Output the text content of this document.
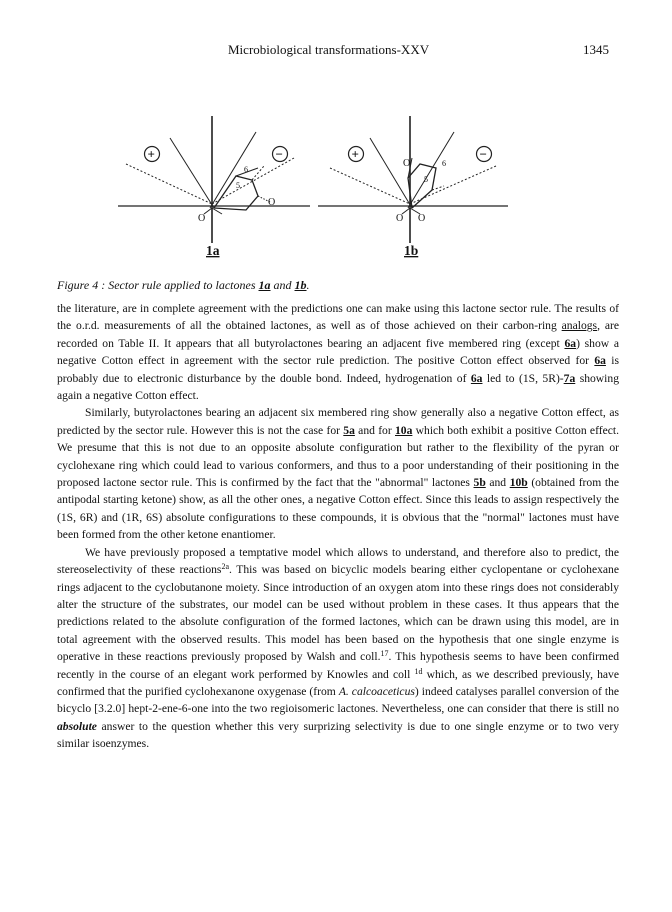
Microbiological transformations-XXV	1345
+	−
6
5
O
O
1a
+	−
6
5
O
O O
1b
Figure 4 : Sector rule applied to lactones 1a and 1b.

the literature, are in complete agreement with the predictions one can make using this lactone sector rule. The results of the o.r.d. measurements of all the obtained lactones, as well as of those achieved on their carbon-ring analogs, are recorded on Table II. It appears that all butyrolactones bearing an adjacent five membered ring (except 6a) show a negative Cotton effect in agreement with the sector rule prediction. The positive Cotton effect observed for 6a is probably due to electronic disturbance by the double bond. Indeed, hydrogenation of 6a led to (1S, 5R)-7a showing again a negative Cotton effect.

Similarly, butyrolactones bearing an adjacent six membered ring show generally also a negative Cotton effect, as predicted by the sector rule. However this is not the case for 5a and for 10a which both exhibit a positive Cotton effect. We presume that this is not due to an opposite absolute configuration but rather to the flexibility of the pyran or cyclohexane ring which could lead to various conformers, and thus to a poor understanding of their positioning in the proposed lactone sector rule. This is confirmed by the fact that the "abnormal" lactones 5b and 10b (obtained from the antipodal starting ketone) show, as all the other ones, a negative Cotton effect. Since this leads to assign respectively the (1S, 6R) and (1R, 6S) absolute configurations to these compounds, it is obvious that the "normal" lactones must have been formed from the other ketone enantiomer.

We have previously proposed a temptative model which allows to understand, and therefore also to predict, the stereoselectivity of these reactions$^{2a}$. This was based on bicyclic models bearing either cyclopentane or cyclohexane rings adjacent to the cyclobutanone moiety. Since introduction of an oxygen atom into these rings does not considerably alter the structure of the substrates, our model can be used without problem in these cases. It thus appears that the predictions related to the absolute configuration of the formed lactones, which can be drawn using this model, are in total agreement with the observed results. This model has been based on the hypothesis that one single enzyme is operative in these reactions previously proposed by Walsh and coll.$^{17}$. This hypothesis seems to have been confirmed recently in the course of an elegant work performed by Knowles and coll $^{1d}$ which, as we described previously, have confirmed that the purified cyclohexanone oxygenase (from A. calcoaceticus) indeed catalyses parallel conversion of the bicyclo [3.2.0] hept-2-ene-6-one into the two regioisomeric lactones. Nevertheless, one can consider that there is still no absolute answer to the question whether this very surprizing selectivity is due to one single enzyme or to two very similar isoenzymes.
